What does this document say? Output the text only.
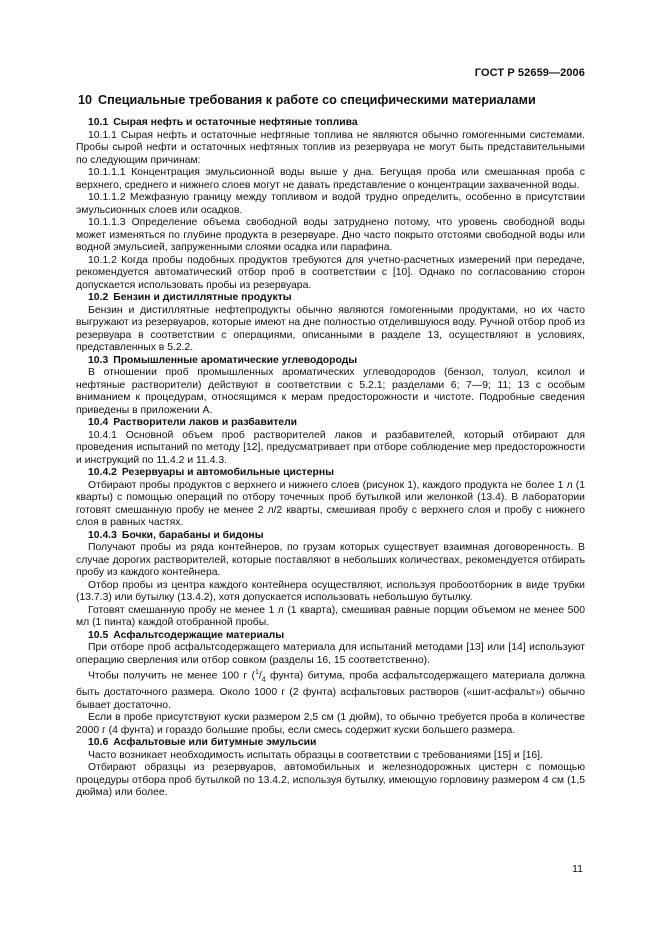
ГОСТ Р 52659—2006
10 Специальные требования к работе со специфическими материалами
10.1 Сырая нефть и остаточные нефтяные топлива

10.1.1 Сырая нефть и остаточные нефтяные топлива не являются обычно гомогенными системами. Пробы сырой нефти и остаточных нефтяных топлив из резервуара не могут быть представительными по следующим причинам:

10.1.1.1 Концентрация эмульсионной воды выше у дна. Бегущая проба или смешанная проба с верхнего, среднего и нижнего слоев могут не давать представление о концентрации захваченной воды.

10.1.1.2 Межфазную границу между топливом и водой трудно определить, особенно в присутствии эмульсионных слоев или осадков.

10.1.1.3 Определение объема свободной воды затруднено потому, что уровень свободной воды может изменяться по глубине продукта в резервуаре. Дно часто покрыто отстоями свободной воды или водной эмульсией, запруженными слоями осадка или парафина.

10.1.2 Когда пробы подобных продуктов требуются для учетно-расчетных измерений при передаче, рекомендуется автоматический отбор проб в соответствии с [10]. Однако по согласованию сторон допускается использовать пробы из резервуара.

10.2 Бензин и дистиллятные продукты

Бензин и дистиллятные нефтепродукты обычно являются гомогенными продуктами, но их часто выгружают из резервуаров, которые имеют на дне полностью отделившуюся воду. Ручной отбор проб из резервуара в соответствии с операциями, описанными в разделе 13, осуществляют в условиях, представленных в 5.2.2.

10.3 Промышленные ароматические углеводороды

В отношении проб промышленных ароматических углеводородов (бензол, толуол, ксилол и нефтяные растворители) действуют в соответствии с 5.2.1; разделами 6; 7—9; 11; 13 с особым вниманием к процедурам, относящимся к мерам предосторожности и чистоте. Подробные сведения приведены в приложении А.

10.4 Растворители лаков и разбавители

10.4.1 Основной объем проб растворителей лаков и разбавителей, который отбирают для проведения испытаний по методу [12], предусматривает при отборе соблюдение мер предосторожности и инструкций по 11.4.2 и 11.4.3.

10.4.2 Резервуары и автомобильные цистерны

Отбирают пробы продуктов с верхнего и нижнего слоев (рисунок 1), каждого продукта не более 1 л (1 кварты) с помощью операций по отбору точечных проб бутылкой или желонкой (13.4). В лаборатории готовят смешанную пробу не менее 2 л/2 кварты, смешивая пробу с верхнего слоя и пробу с нижнего слоя в равных частях.

10.4.3 Бочки, барабаны и бидоны

Получают пробы из ряда контейнеров, по грузам которых существует взаимная договоренность. В случае дорогих растворителей, которые поставляют в небольших количествах, рекомендуется отбирать пробу из каждого контейнера.

Отбор пробы из центра каждого контейнера осуществляют, используя пробоотборник в виде трубки (13.7.3) или бутылку (13.4.2), хотя допускается использовать небольшую бутылку.

Готовят смешанную пробу не менее 1 л (1 кварта), смешивая равные порции объемом не менее 500 мл (1 пинта) каждой отобранной пробы.

10.5 Асфальтсодержащие материалы

При отборе проб асфальтсодержащего материала для испытаний методами [13] или [14] используют операцию сверления или отбор совком (разделы 16, 15 соответственно).

Чтобы получить не менее 100 г ($^1/_4$ фунта) битума, проба асфальтсодержащего материала должна быть достаточного размера. Около 1000 г (2 фунта) асфальтовых растворов («шит-асфальт») обычно бывает достаточно.

Если в пробе присутствуют куски размером 2,5 см (1 дюйм), то обычно требуется проба в количестве 2000 г (4 фунта) и гораздо большие пробы, если смесь содержит куски большего размера.

10.6 Асфальтовые или битумные эмульсии

Часто возникает необходимость испытать образцы в соответствии с требованиями [15] и [16].

Отбирают образцы из резервуаров, автомобильных и железнодорожных цистерн с помощью процедуры отбора проб бутылкой по 13.4.2, используя бутылку, имеющую горловину размером 4 см (1,5 дюйма) или более.

11
